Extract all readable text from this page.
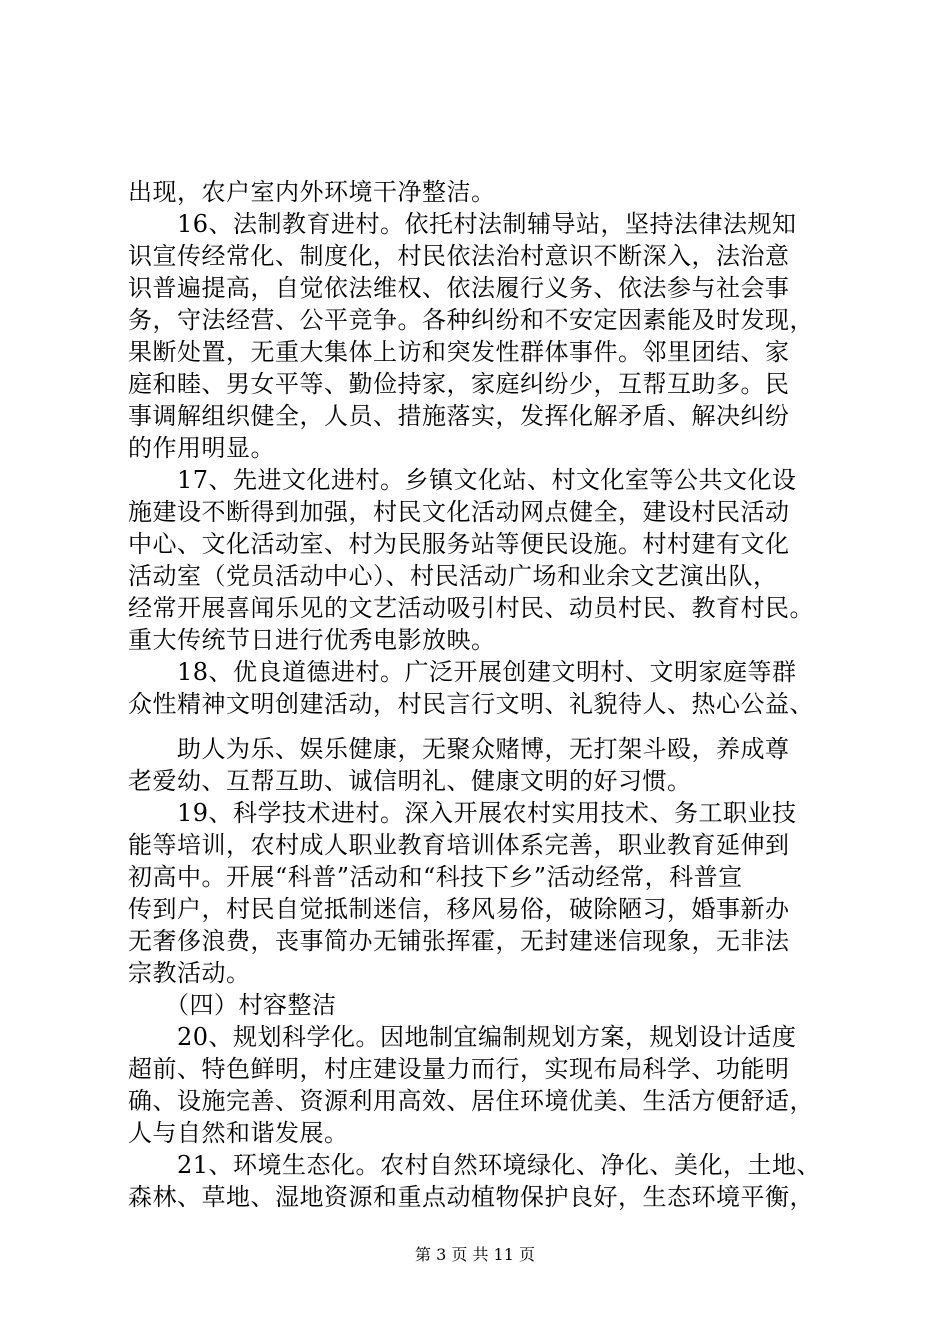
出现，农户室内外环境干净整洁。
　　16、法制教育进村。依托村法制辅导站，坚持法律法规知
识宣传经常化、制度化，村民依法治村意识不断深入，法治意
识普遍提高，自觉依法维权、依法履行义务、依法参与社会事
务，守法经营、公平竞争。各种纠纷和不安定因素能及时发现，
果断处置，无重大集体上访和突发性群体事件。邻里团结、家
庭和睦、男女平等、勤俭持家，家庭纠纷少，互帮互助多。民
事调解组织健全，人员、措施落实，发挥化解矛盾、解决纠纷
的作用明显。
　　17、先进文化进村。乡镇文化站、村文化室等公共文化设
施建设不断得到加强，村民文化活动网点健全，建设村民活动
中心、文化活动室、村为民服务站等便民设施。村村建有文化
活动室（党员活动中心）、村民活动广场和业余文艺演出队，
经常开展喜闻乐见的文艺活动吸引村民、动员村民、教育村民。
重大传统节日进行优秀电影放映。
　　18、优良道德进村。广泛开展创建文明村、文明家庭等群
众性精神文明创建活动，村民言行文明、礼貌待人、热心公益、
　　助人为乐、娱乐健康，无聚众赌博，无打架斗殴，养成尊
老爱幼、互帮互助、诚信明礼、健康文明的好习惯。
　　19、科学技术进村。深入开展农村实用技术、务工职业技
能等培训，农村成人职业教育培训体系完善，职业教育延伸到
初高中。开展“科普”活动和“科技下乡”活动经常，科普宣
传到户，村民自觉抵制迷信，移风易俗，破除陋习，婚事新办
无奢侈浪费，丧事简办无铺张挥霍，无封建迷信现象，无非法
宗教活动。
　　（四）村容整洁
　　20、规划科学化。因地制宜编制规划方案，规划设计适度
超前、特色鲜明，村庄建设量力而行，实现布局科学、功能明
确、设施完善、资源利用高效、居住环境优美、生活方便舒适，
人与自然和谐发展。
　　21、环境生态化。农村自然环境绿化、净化、美化，土地、
森林、草地、湿地资源和重点动植物保护良好，生态环境平衡，
第 3 页 共 11 页
